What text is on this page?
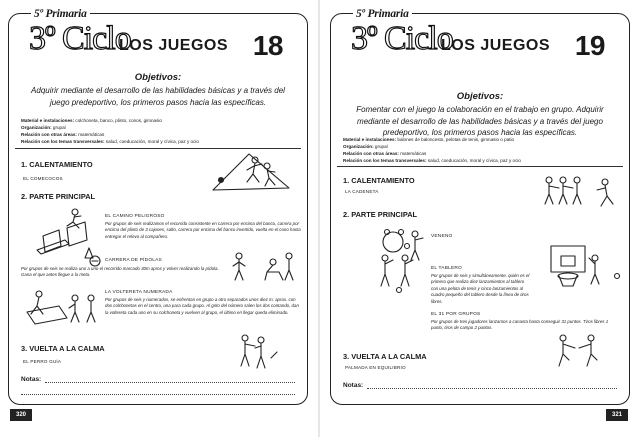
5º Primaria
3º Ciclo
LOS JUEGOS 18
Objetivos:
Adquirir mediante el desarrollo de las habilidades básicas y a través del juego predeportivo, los primeros pasos hacia las específicas.
Material e instalaciones: colchoneta, banco, plinto, conos, gimnasio
Organización: grupal
Relación con otras áreas: matemáticas
Relación con los temas transversales: salud, coeducación, moral y cívica, paz y ocio
1. CALENTAMIENTO
EL COMECOCOS
2. PARTE PRINCIPAL
EL CAMINO PELIGROSO
Por grupos de seis realizamos el recorrido consistente en carrera por encima del banco, carrera por encima del plinto de 3 cajones, salto, carrera por encima del banco invertido, vuelta en el cono hasta entregar el relevo al compañero.
CARRERA DE PÍDOLAS
Por grupos de seis se realiza uno a uno el recorrido marcado 30m aprox y volver realizando la pídola. Gana el que antes llegue a la meta.
LA VOLTERETA NUMERADA
Por grupos de seis y numerados, se enfrentan en grupo a otro separados unos diez m. aprox. con dos colchonetas en el centro, una para cada grupo. Al grito del número salen los dos contando, dan la voltereta cada uno en su colchoneta y vuelven al grupo, el último en llegar queda eliminado.
3. VUELTA A LA CALMA
EL PERRO GUÍA
Notas:
320
5º Primaria
3º Ciclo
LOS JUEGOS 19
Objetivos:
Fomentar con el juego la colaboración en el trabajo en grupo. Adquirir mediante el desarrollo de las habilidades básicas y a través del juego predeportivo, los primeros pasos hacia las específicas.
Material e instalaciones: balones de baloncesto, pelotas de tenis, gimnasio o patio
Organización: grupal
Relación con otras áreas: matemáticas
Relación con los temas transversales: salud, coeducación, moral y cívica, paz y ocio
1. CALENTAMIENTO
LA CADENETA
2. PARTE PRINCIPAL
VENENO
EL TABLERO
Por grupos de seis y simultáneamente, quién es el primero que realiza diez lanzamientos al tablero con una pelota de tenis y cinco lanzamientos al cuadro pequeño del tablero desde la línea de tiros libres.
EL 31 POR GRUPOS
Por grupos de tres jugadores lanzamos a canasta hasta conseguir 31 puntos. Tiros libres 1 punto, tiros de campo 2 puntos.
3. VUELTA A LA CALMA
PALMADA EN EQUILIBRIO
Notas:
321
